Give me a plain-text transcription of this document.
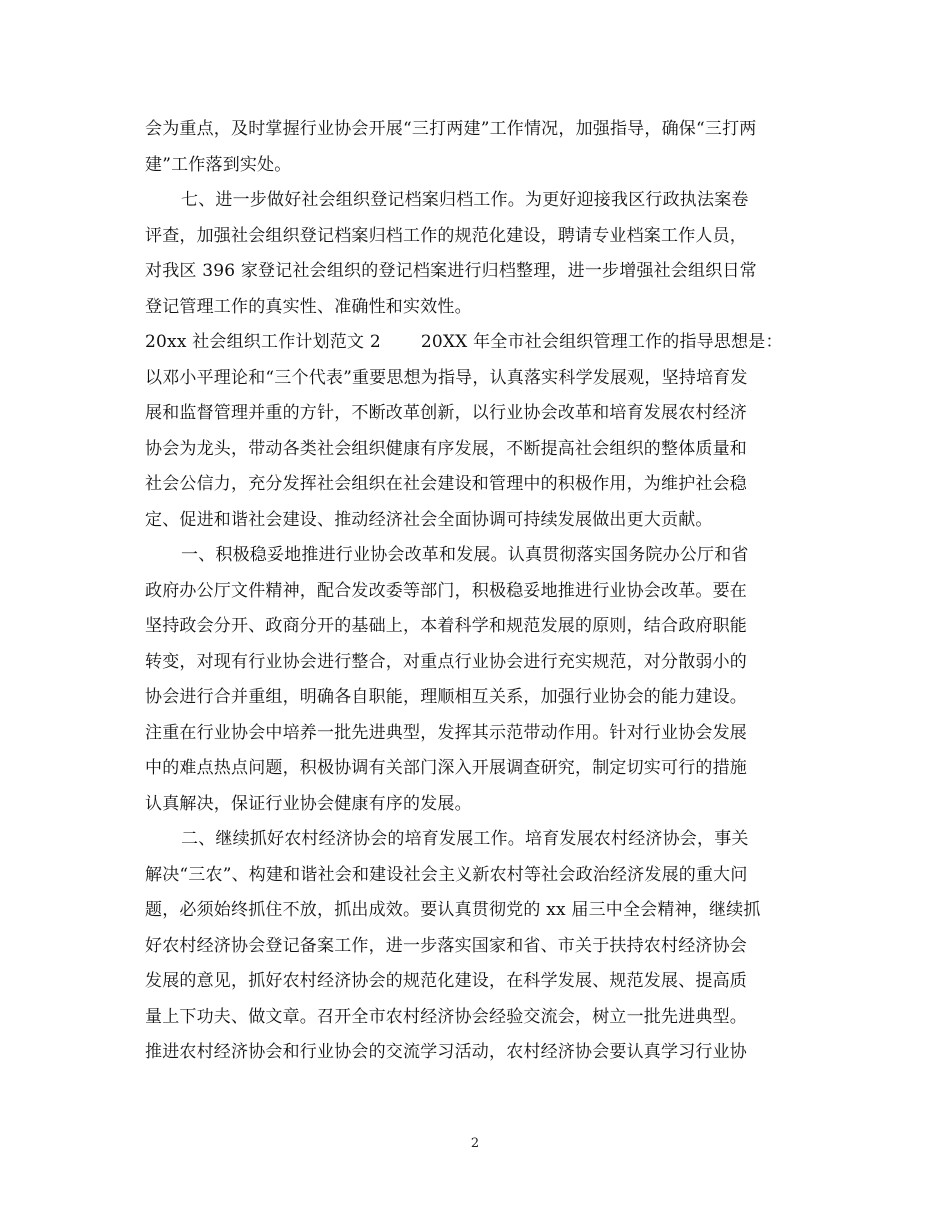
会为重点，及时掌握行业协会开展“三打两建”工作情况，加强指导，确保“三打两
建”工作落到实处。
七、进一步做好社会组织登记档案归档工作。为更好迎接我区行政执法案卷
评查，加强社会组织登记档案归档工作的规范化建设，聘请专业档案工作人员，
对我区 396 家登记社会组织的登记档案进行归档整理，进一步增强社会组织日常
登记管理工作的真实性、准确性和实效性。
20xx 社会组织工作计划范文 2 20XX 年全市社会组织管理工作的指导思想是：
以邓小平理论和“三个代表”重要思想为指导，认真落实科学发展观，坚持培育发
展和监督管理并重的方针，不断改革创新，以行业协会改革和培育发展农村经济
协会为龙头，带动各类社会组织健康有序发展，不断提高社会组织的整体质量和
社会公信力，充分发挥社会组织在社会建设和管理中的积极作用，为维护社会稳
定、促进和谐社会建设、推动经济社会全面协调可持续发展做出更大贡献。
一、积极稳妥地推进行业协会改革和发展。认真贯彻落实国务院办公厅和省
政府办公厅文件精神，配合发改委等部门，积极稳妥地推进行业协会改革。要在
坚持政会分开、政商分开的基础上，本着科学和规范发展的原则，结合政府职能
转变，对现有行业协会进行整合，对重点行业协会进行充实规范，对分散弱小的
协会进行合并重组，明确各自职能，理顺相互关系，加强行业协会的能力建设。
注重在行业协会中培养一批先进典型，发挥其示范带动作用。针对行业协会发展
中的难点热点问题，积极协调有关部门深入开展调查研究，制定切实可行的措施
认真解决，保证行业协会健康有序的发展。
二、继续抓好农村经济协会的培育发展工作。培育发展农村经济协会，事关
解决“三农”、构建和谐社会和建设社会主义新农村等社会政治经济发展的重大问
题，必须始终抓住不放，抓出成效。要认真贯彻党的 xx 届三中全会精神，继续抓
好农村经济协会登记备案工作，进一步落实国家和省、市关于扶持农村经济协会
发展的意见，抓好农村经济协会的规范化建设，在科学发展、规范发展、提高质
量上下功夫、做文章。召开全市农村经济协会经验交流会，树立一批先进典型。
推进农村经济协会和行业协会的交流学习活动，农村经济协会要认真学习行业协
2
